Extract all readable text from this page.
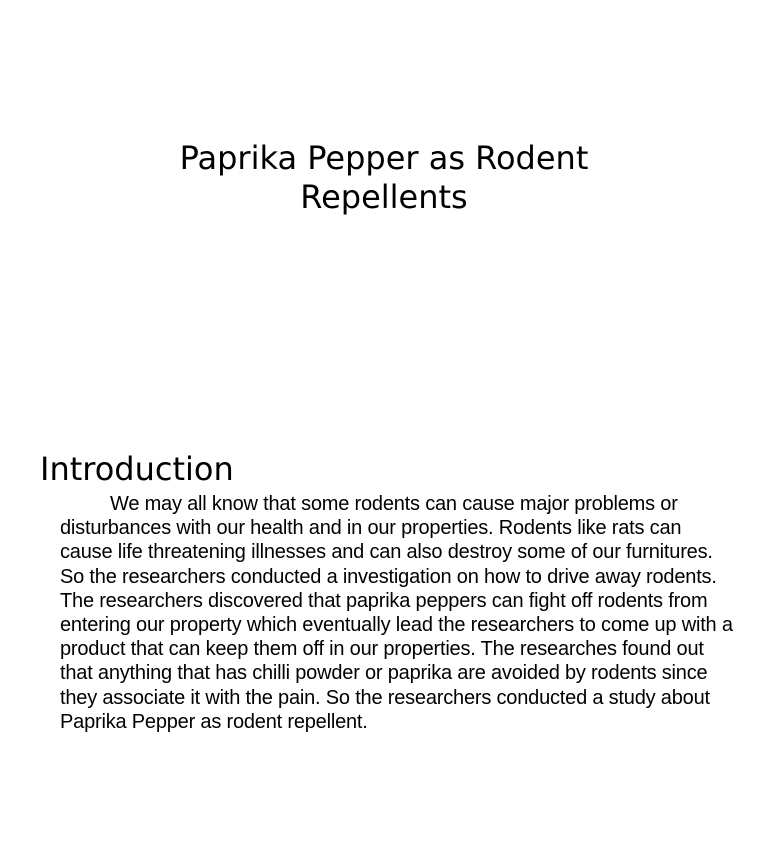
Paprika Pepper as Rodent Repellents
Introduction

We may all know that some rodents can cause major problems or disturbances with our health and in our properties. Rodents like rats can cause life threatening illnesses and can also destroy some of our furnitures. So the researchers conducted a investigation on how to drive away rodents. The researchers discovered that paprika peppers can fight off rodents from entering our property which eventually lead the researchers to come up with a product that can keep them off in our properties. The researches found out that anything that has chilli powder or paprika are avoided by rodents since they associate it with the pain. So the researchers conducted a study about Paprika Pepper as rodent repellent.
